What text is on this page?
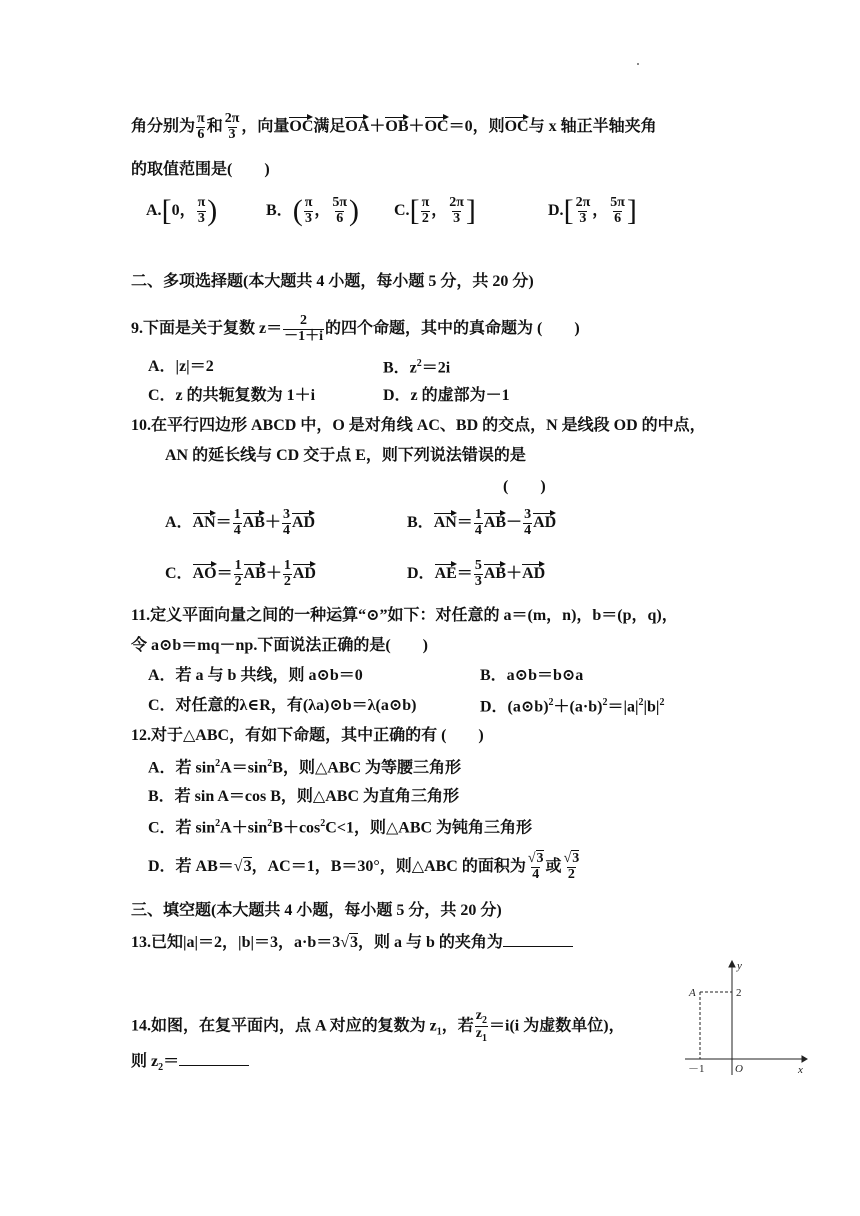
角分别为 $\frac{\pi}{6}$ 和 $\frac{2\pi}{3}$ ，向量OC满足OA＋OB＋OC＝0，则OC与 x 轴正半轴夹角
的取值范围是(　　)
A.[0， $\frac{\pi}{3}$ )	B．( $\frac{\pi}{3}$ ， $\frac{5\pi}{6}$ ) $C.[ \frac{\pi}{2}$ ， $\frac{2\pi}{3}$ ]	$D.[ \frac{2\pi}{3}$ ， $\frac{5\pi}{6}$ ]
二、多项选择题(本大题共 4 小题，每小题 5 分，共 20 分)
9.下面是关于复数 $z= \frac{2}{-1+i}$ 的四个命题，其中的真命题为 (　　)
A．|z|＝2	B．$z^2=2i$
C．z 的共轭复数为 1＋i	D．z 的虚部为－1
10.在平行四边形 ABCD 中，O 是对角线 AC、BD 的交点，N 是线段 OD 的中点，
AN 的延长线与 CD 交于点 E，则下列说法错误的是
(　　)
A．$AN= \frac{1}{4} AB+ \frac{3}{4}$ AD	B．$AN= \frac{1}{4} AB- \frac{3}{4}$ AD
C．$AO= \frac{1}{2} AB+ \frac{1}{2}$ AD	D．$AE= \frac{5}{3} AB+AD$
11.定义平面向量之间的一种运算“⊙”如下：对任意的 a＝(m，n)，b＝(p，q)，
令 a⊙b＝mq－np.下面说法正确的是(　　)
A．若 a 与 b 共线，则 a⊙b＝0	B．a⊙b＝b⊙a
C．对任意的λ∈R，有(λa)⊙b＝λ(a⊙b)	D．$(a⊙b)^2+(a\cdot b)^2=|a|^2|b|^2$
12.对于△ABC，有如下命题，其中正确的有 (　　)
A．若 $\sin^2A=\sin^2B$，则△ABC 为等腰三角形
B．若 sin A＝cos B，则△ABC 为直角三角形
C．若 $\sin^2A+\sin^2B+\cos^2C<1$，则△ABC 为钝角三角形
D．若 AB＝√3，AC＝1，B＝30°，则△ABC 的面积为 $\frac{√3}{4}$ 或 $\frac{√3}{2}$
三、填空题(本大题共 4 小题，每小题 5 分，共 20 分)
13.已知|a|＝2，|b|＝3，a·b＝3√3，则 a 与 b 的夹角为
14.如图，在复平面内，点 A 对应的复数为 $z_1$，若 $\frac{z_2}{z_1} =i(i$ 为虚数单位)，
则 $z_2=$
y
x
A
O
2
－1
